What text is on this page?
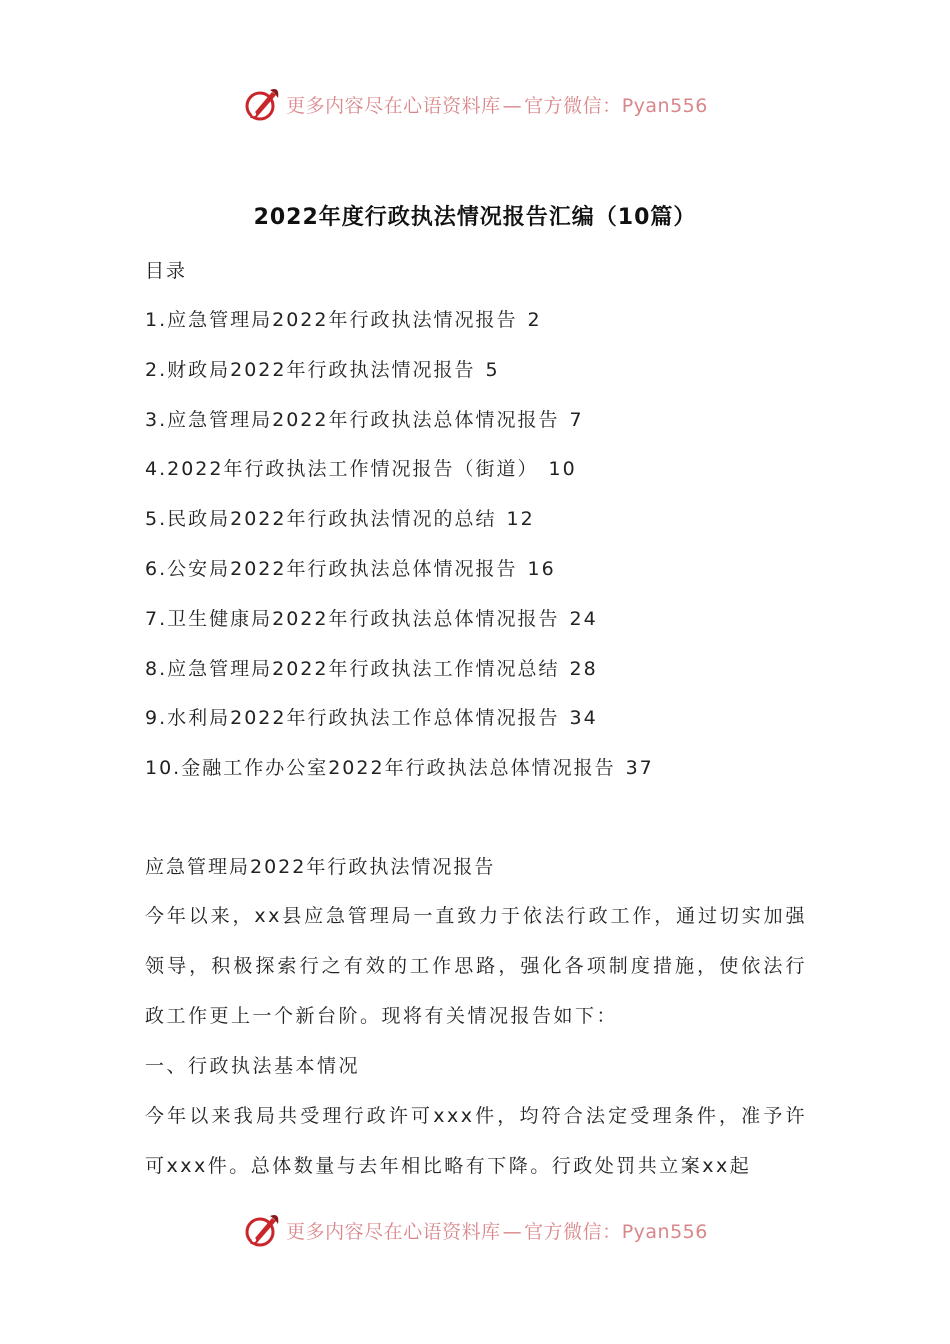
更多内容尽在心语资料库 — 官方微信：Pyan556
2022年度行政执法情况报告汇编（10篇）
目录
1.应急管理局2022年行政执法情况报告 2
2.财政局2022年行政执法情况报告 5
3.应急管理局2022年行政执法总体情况报告 7
4.2022年行政执法工作情况报告（街道） 10
5.民政局2022年行政执法情况的总结 12
6.公安局2022年行政执法总体情况报告 16
7.卫生健康局2022年行政执法总体情况报告 24
8.应急管理局2022年行政执法工作情况总结 28
9.水利局2022年行政执法工作总体情况报告 34
10.金融工作办公室2022年行政执法总体情况报告 37
应急管理局2022年行政执法情况报告

今年以来，xx县应急管理局一直致力于依法行政工作，通过切实加强领导，积极探索行之有效的工作思路，强化各项制度措施，使依法行政工作更上一个新台阶。现将有关情况报告如下：

一、行政执法基本情况

今年以来我局共受理行政许可xxx件，均符合法定受理条件，准予许可xxx件。总体数量与去年相比略有下降。行政处罚共立案xx起

更多内容尽在心语资料库 — 官方微信：Pyan556
